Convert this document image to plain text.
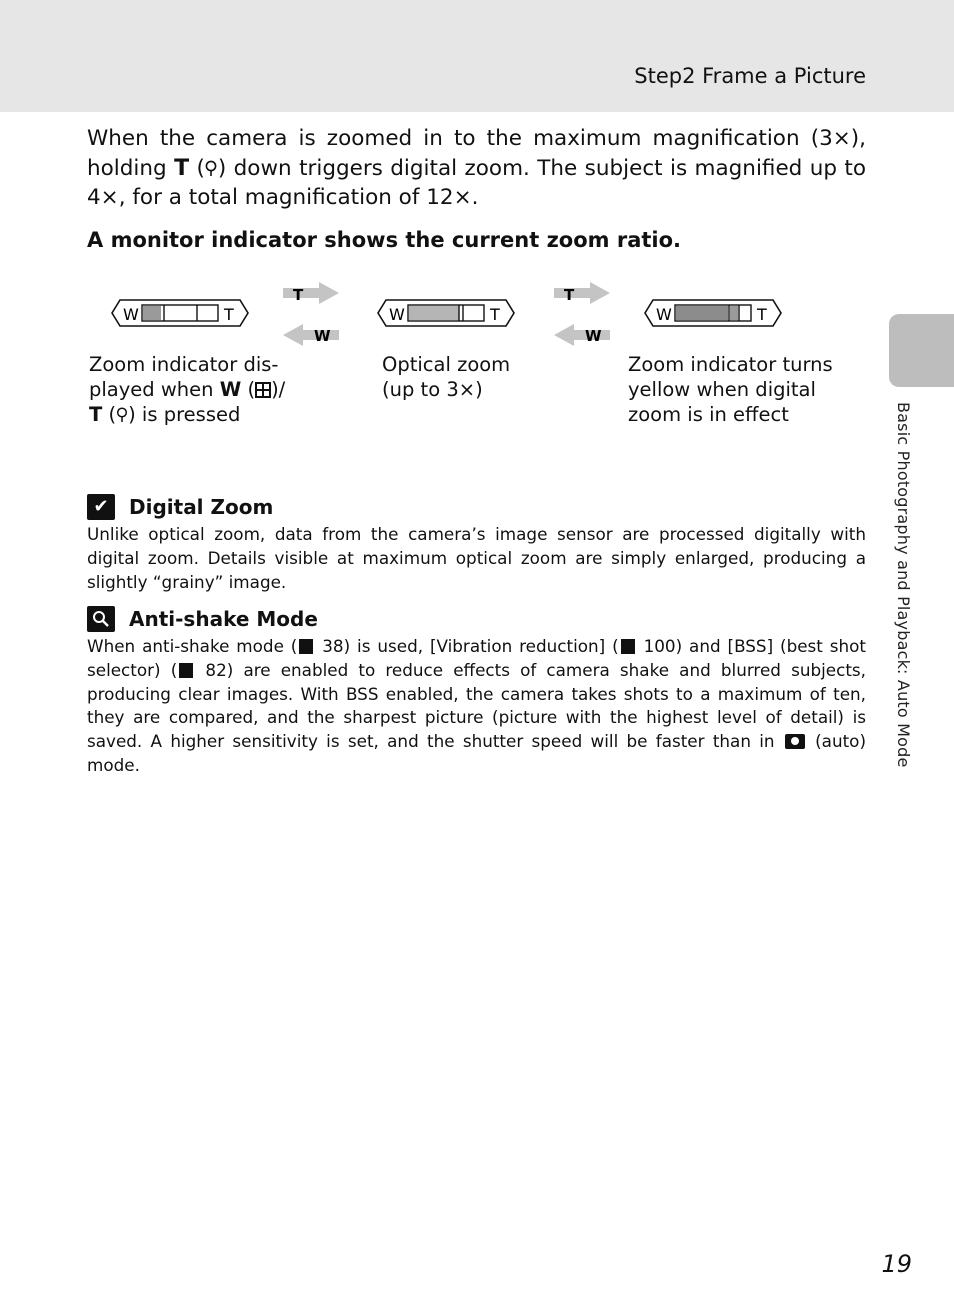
Step2 Frame a Picture
Basic Photography and Playback: Auto Mode

When the camera is zoomed in to the maximum magnification (3×), holding T ( ) down triggers digital zoom. The subject is magnified up to 4×, for a total magnification of 12×.

A monitor indicator shows the current zoom ratio.

W	T
T
W
W	T
T
W
W	T

Zoom indicator dis-
played when W ( )/
T ( ) is pressed

Optical zoom
(up to 3×)

Zoom indicator turns
yellow when digital
zoom is in effect

✔	Digital Zoom

Unlike optical zoom, data from the camera’s image sensor are processed digitally with digital zoom. Details visible at maximum optical zoom are simply enlarged, producing a slightly “grainy” image.

Anti-shake Mode

When anti-shake mode ( 38) is used, [Vibration reduction] ( 100) and [BSS] (best shot selector) ( 82) are enabled to reduce effects of camera shake and blurred subjects, producing clear images. With BSS enabled, the camera takes shots to a maximum of ten, they are compared, and the sharpest picture (picture with the highest level of detail) is saved. A higher sensitivity is set, and the shutter speed will be faster than in  (auto) mode.

19
